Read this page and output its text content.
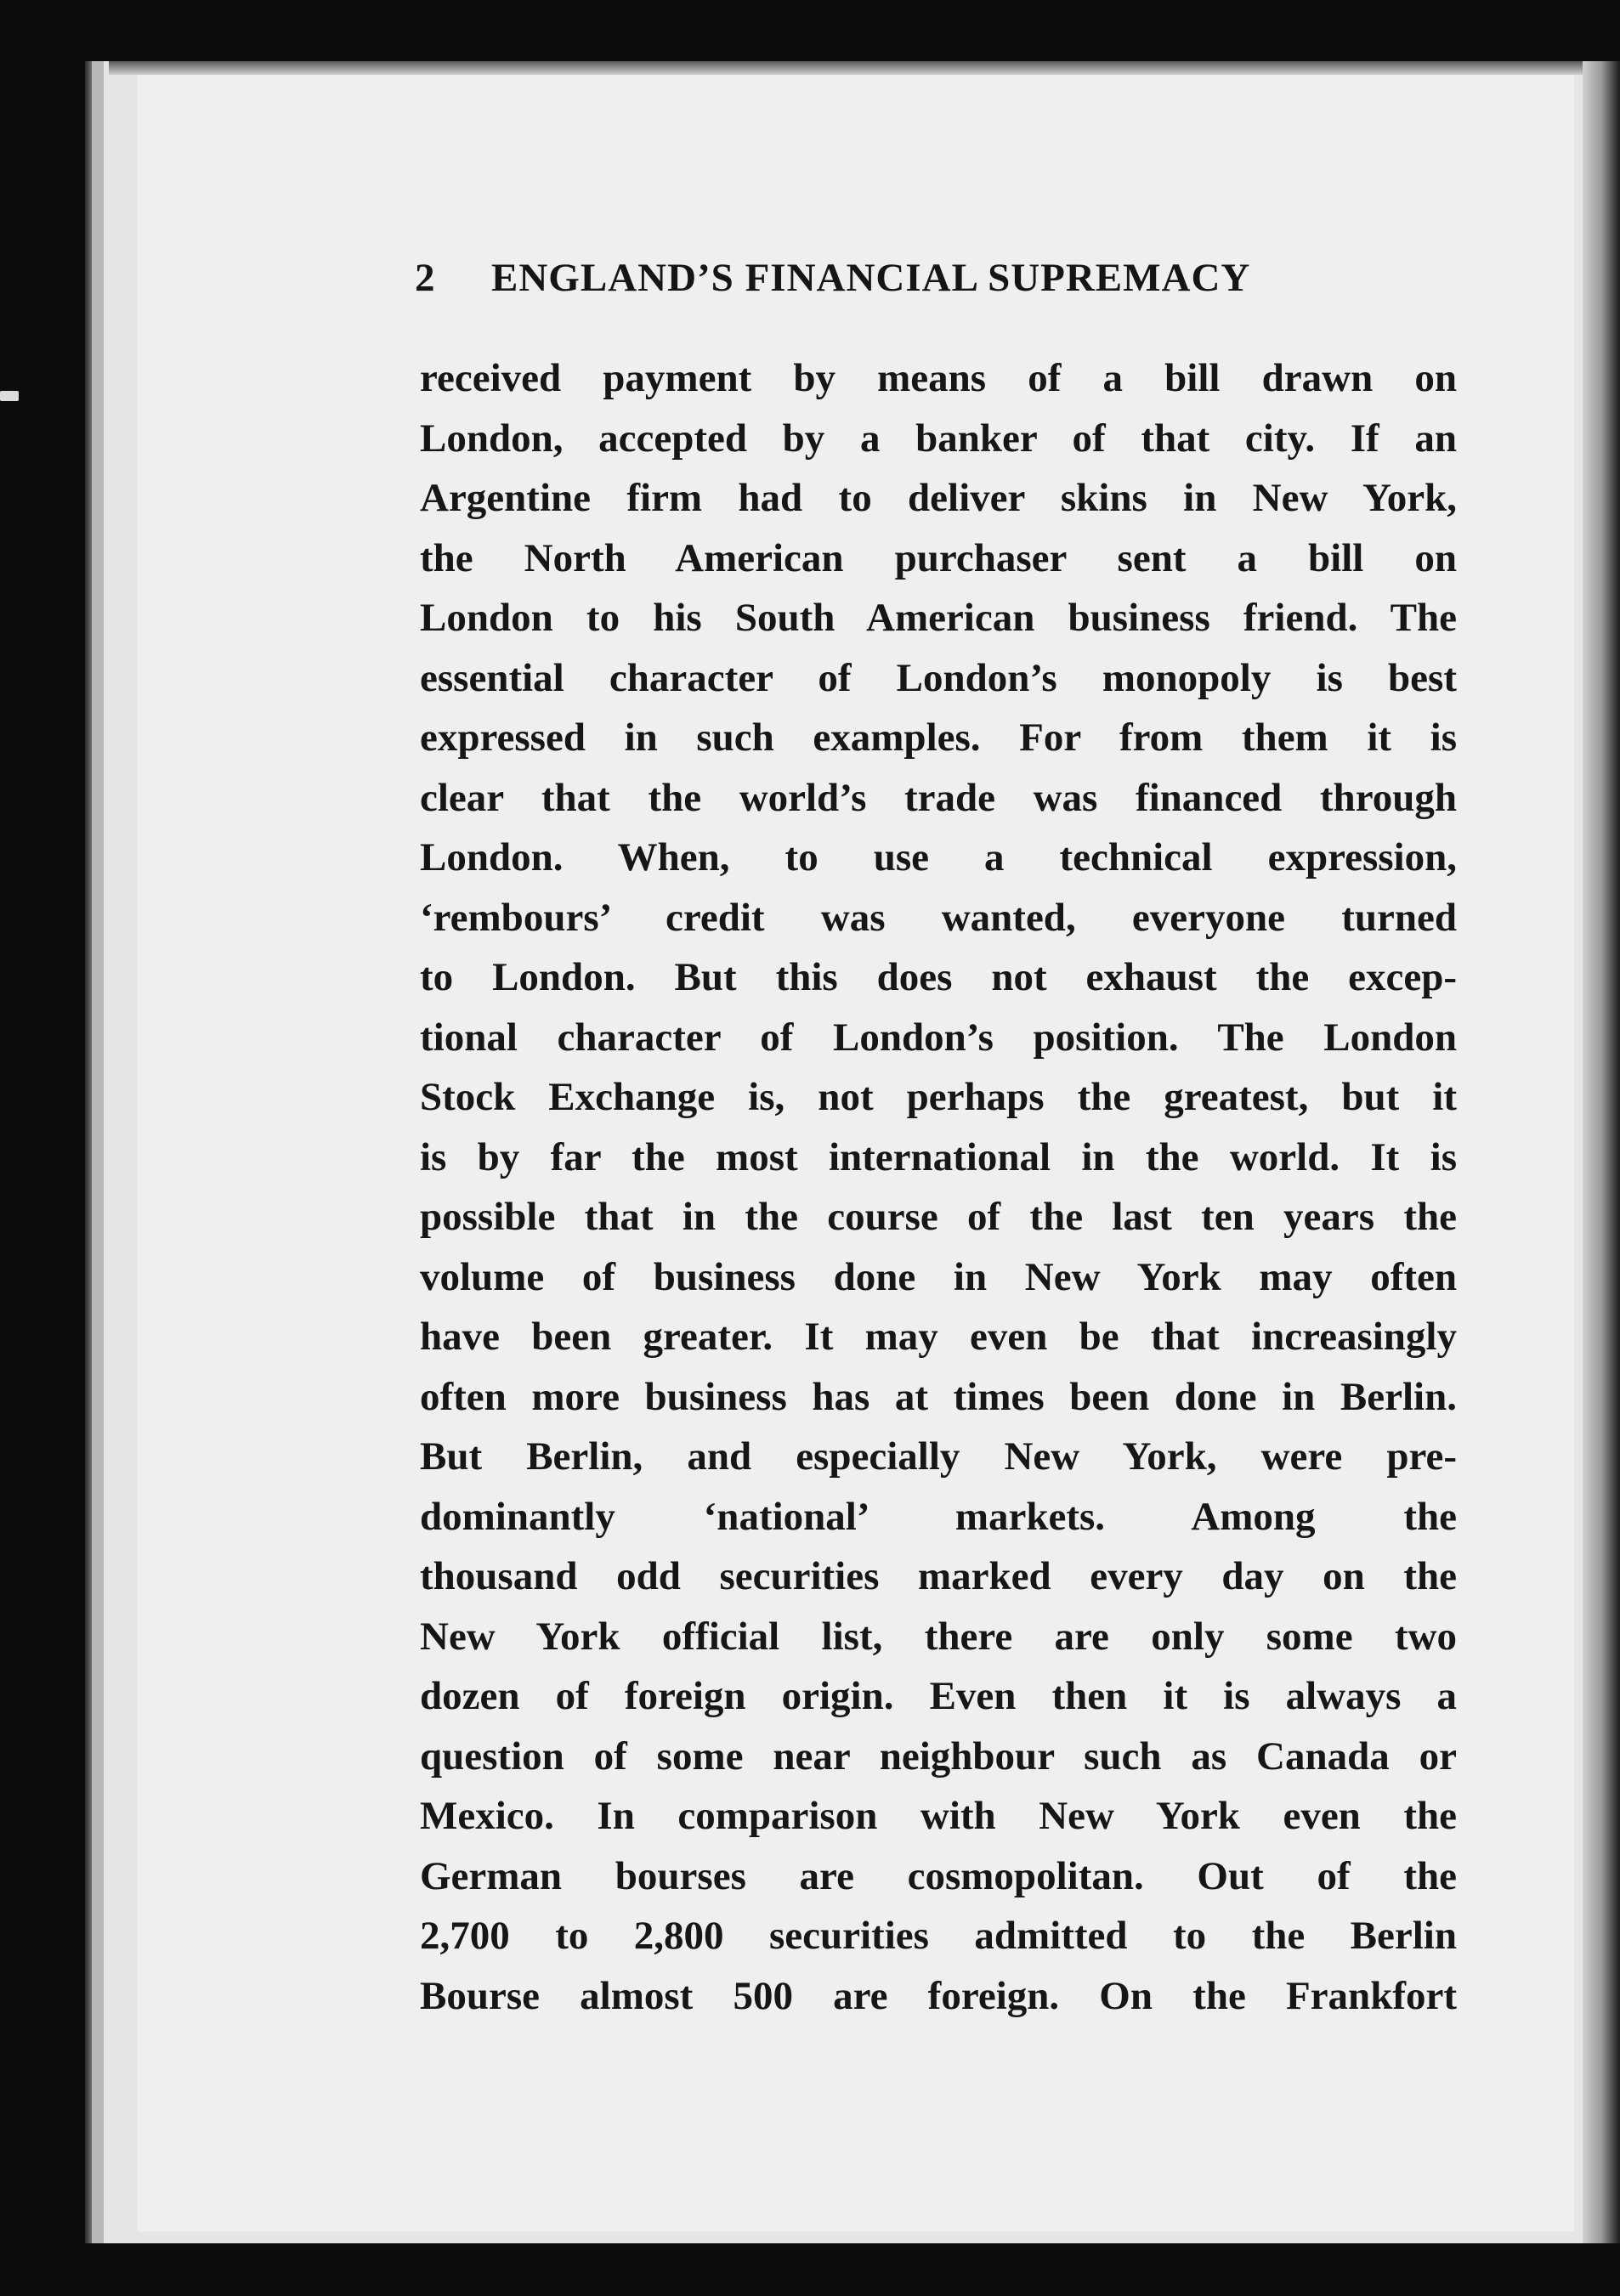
2 ENGLAND’S FINANCIAL SUPREMACY
received payment by means of a bill drawn on
London, accepted by a banker of that city. If an
Argentine firm had to deliver skins in New York,
the North American purchaser sent a bill on
London to his South American business friend. The
essential character of London’s monopoly is best
expressed in such examples. For from them it is
clear that the world’s trade was financed through
London. When, to use a technical expression,
‘rembours’ credit was wanted, everyone turned
to London. But this does not exhaust the excep-
tional character of London’s position. The London
Stock Exchange is, not perhaps the greatest, but it
is by far the most international in the world. It is
possible that in the course of the last ten years the
volume of business done in New York may often
have been greater. It may even be that increasingly
often more business has at times been done in Berlin.
But Berlin, and especially New York, were pre-
dominantly ‘national’ markets. Among the
thousand odd securities marked every day on the
New York official list, there are only some two
dozen of foreign origin. Even then it is always a
question of some near neighbour such as Canada or
Mexico. In comparison with New York even the
German bourses are cosmopolitan. Out of the
2,700 to 2,800 securities admitted to the Berlin
Bourse almost 500 are foreign. On the Frankfort
